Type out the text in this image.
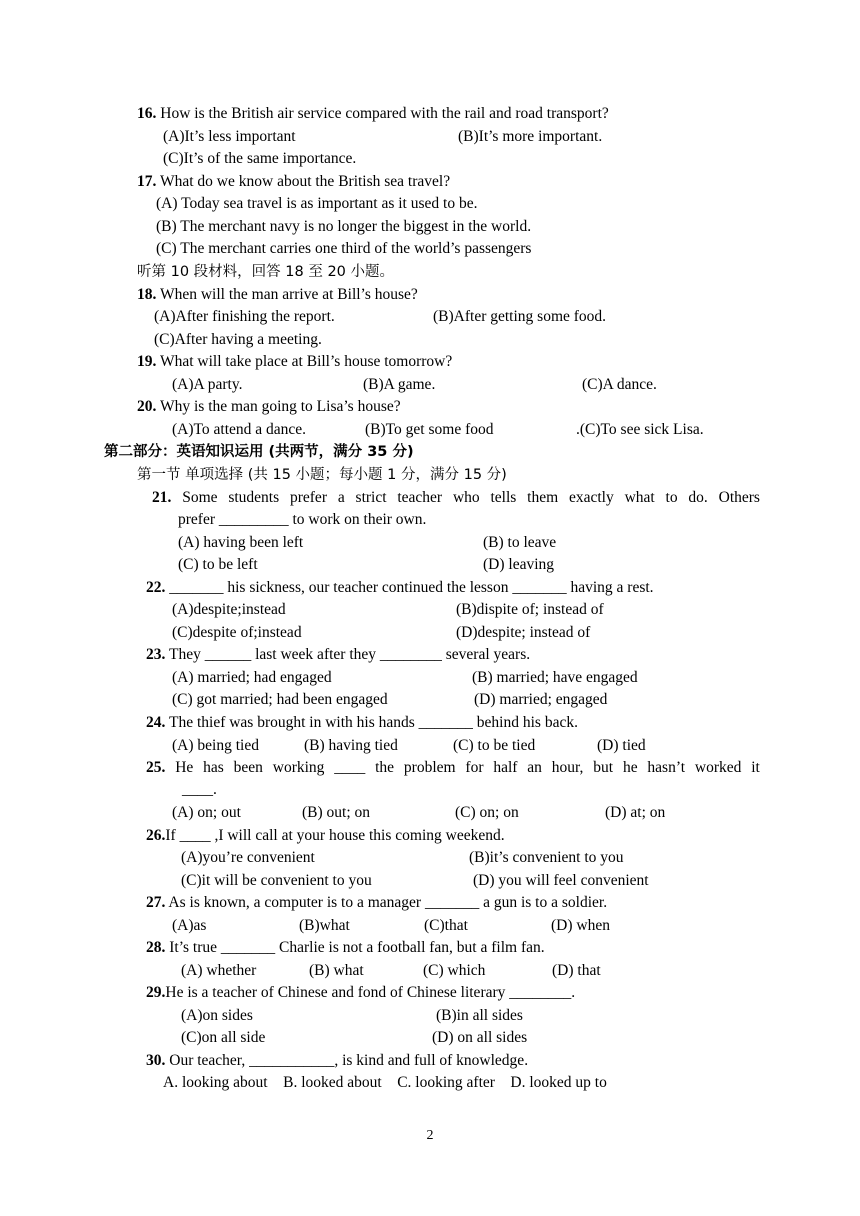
16. How is the British air service compared with the rail and road transport?
(A)It’s less important	(B)It’s more important.
(C)It’s of the same importance.
17. What do we know about the British sea travel?
(A) Today sea travel is as important as it used to be.
(B) The merchant navy is no longer the biggest in the world.
(C) The merchant carries one third of the world’s passengers
听第 10 段材料，回答 18 至 20 小题。
18. When will the man arrive at Bill’s house?
(A)After finishing the report.	(B)After getting some food.
(C)After having a meeting.
19. What will take place at Bill’s house tomorrow?
(A)A party.	(B)A game.	(C)A dance.
20. Why is the man going to Lisa’s house?
(A)To attend a dance.	(B)To get some food	.(C)To see sick Lisa.
第二部分：英语知识运用 (共两节，满分 35 分)
第一节 单项选择 (共 15 小题；每小题 1 分，满分 15 分)
21. Some students prefer a strict teacher who tells them exactly what to do. Others
prefer _________ to work on their own.
(A) having been left	(B) to leave
(C) to be left	(D) leaving
22. _______ his sickness, our teacher continued the lesson _______ having a rest.
(A)despite;instead	(B)dispite of; instead of
(C)despite of;instead	(D)despite; instead of
23. They ______ last week after they ________ several years.
(A) married; had engaged	(B) married; have engaged
(C) got married; had been engaged	(D) married; engaged
24. The thief was brought in with his hands _______ behind his back.
(A) being tied	(B) having tied	(C) to be tied	(D) tied
25. He has been working ____ the problem for half an hour, but he hasn’t worked it
____.
(A) on; out	(B) out; on	(C) on; on	(D) at; on
26.If ____ ,I will call at your house this coming weekend.
(A)you’re convenient	(B)it’s convenient to you
(C)it will be convenient to you	(D) you will feel convenient
27. As is known, a computer is to a manager _______ a gun is to a soldier.
(A)as	(B)what	(C)that	(D) when
28. It’s true _______ Charlie is not a football fan, but a film fan.
(A) whether	(B) what	(C) which	(D) that
29.He is a teacher of Chinese and fond of Chinese literary ________.
(A)on sides	(B)in all sides
(C)on all side	(D) on all sides
30. Our teacher, ___________, is kind and full of knowledge.
A. looking about    B. looked about    C. looking after    D. looked up to
2
